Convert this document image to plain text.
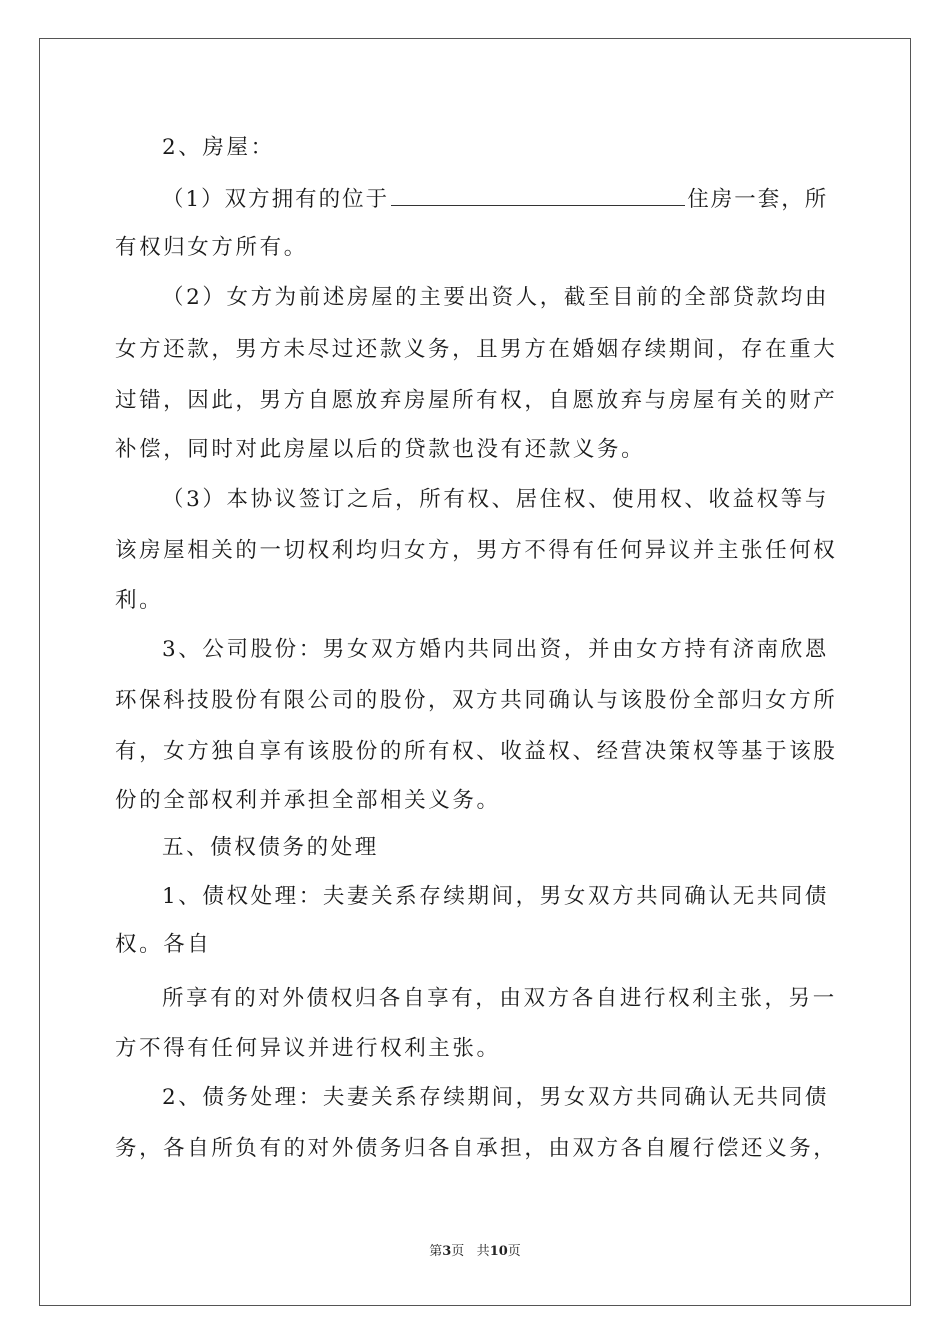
2、房屋：
（1）双方拥有的位于	住房一套，所
有权归女方所有。
（2）女方为前述房屋的主要出资人，截至目前的全部贷款均由
女 方 还 款 ， 男 方 未 尽 过 还 款 义 务 ， 且 男 方 在 婚 姻 存 续 期 间 ， 存 在 重 大
过 错 ， 因 此 ， 男 方 自 愿 放 弃 房 屋 所 有 权 ， 自 愿 放 弃 与 房 屋 有 关 的 财 产
补偿，同时对此房屋以后的贷款也没有还款义务。
（3）本协议签订之后，所有权、居住权、使用权、收益权等与
该 房 屋 相 关 的 一 切 权 利 均 归 女 方 ， 男 方 不 得 有 任 何 异 议 并 主 张 任 何 权
利。
3、公司股份：男女双方婚内共同出资，并由女方持有济南欣恩
环 保 科 技 股 份 有 限 公 司 的 股 份 ， 双 方 共 同 确 认 与 该 股 份 全 部 归 女 方 所
有 ， 女 方 独 自 享 有 该 股 份 的 所 有 权 、 收 益 权 、 经 营 决 策 权 等 基 于 该 股
份的全部权利并承担全部相关义务。
五、债权债务的处理
1、债权处理：夫妻关系存续期间，男女双方共同确认无共同债
权。各自
所享有的对外债权归各自享有，由双方各自进行权利主张，另一
方不得有任何异议并进行权利主张。
2、债务处理：夫妻关系存续期间，男女双方共同确认无共同债
务 ， 各 自 所 负 有 的 对 外 债 务 归 各 自 承 担 ， 由 双 方 各 自 履 行 偿 还 义 务 ，
第3页 共10页
